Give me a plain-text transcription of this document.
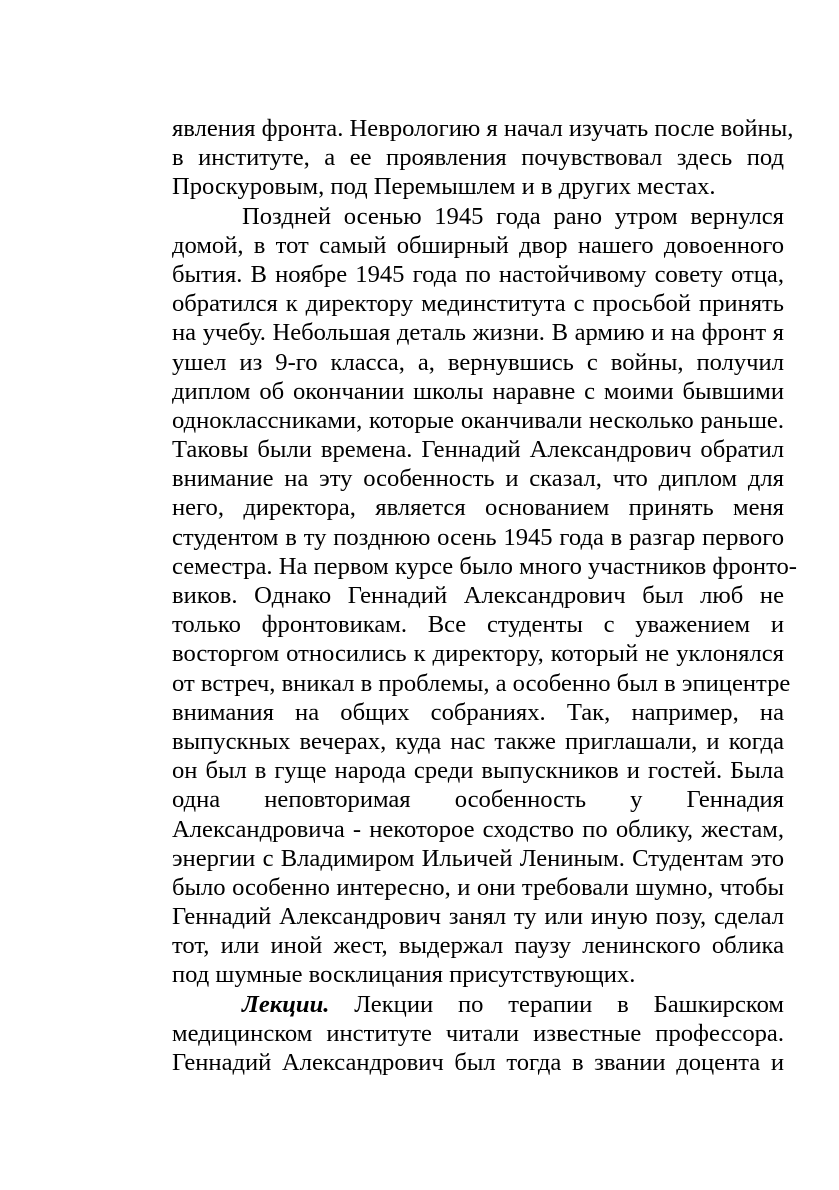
явления фронта. Неврологию я начал изучать после войны,
в институте, а ее проявления почувствовал здесь под
Проскуровым, под Перемышлем и в других местах.
Поздней осенью 1945 года рано утром вернулся
домой, в тот самый обширный двор нашего довоенного
бытия. В ноябре 1945 года по настойчивому совету отца,
обратился к директору мединститута с просьбой принять
на учебу. Небольшая деталь жизни. В армию и на фронт я
ушел из 9-го класса, а, вернувшись с войны, получил
диплом об окончании школы наравне с моими бывшими
одноклассниками, которые оканчивали несколько раньше.
Таковы были времена. Геннадий Александрович обратил
внимание на эту особенность и сказал, что диплом для
него, директора, является основанием принять меня
студентом в ту позднюю осень 1945 года в разгар первого
семестра. На первом курсе было много участников фронто-
виков. Однако Геннадий Александрович был люб не
только фронтовикам. Все студенты с уважением и
восторгом относились к директору, который не уклонялся
от встреч, вникал в проблемы, а особенно был в эпицентре
внимания на общих собраниях. Так, например, на
выпускных вечерах, куда нас также приглашали, и когда
он был в гуще народа среди выпускников и гостей. Была
одна неповторимая особенность у Геннадия
Александровича - некоторое сходство по облику, жестам,
энергии с Владимиром Ильичей Лениным. Студентам это
было особенно интересно, и они требовали шумно, чтобы
Геннадий Александрович занял ту или иную позу, сделал
тот, или иной жест, выдержал паузу ленинского облика
под шумные восклицания присутствующих.
Лекции. Лекции по терапии в Башкирском
медицинском институте читали известные профессора.
Геннадий Александрович был тогда в звании доцента и
